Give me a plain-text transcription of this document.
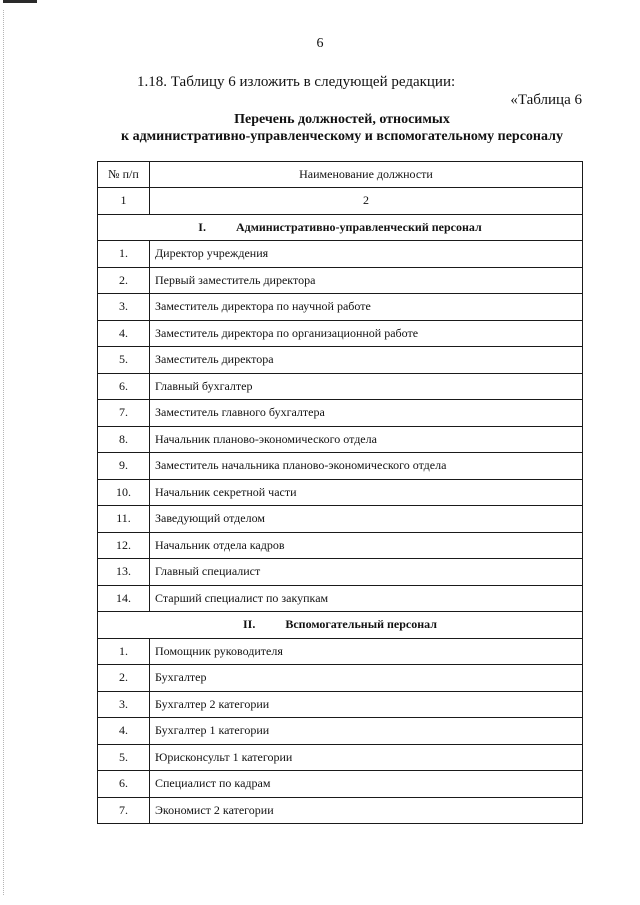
6
1.18. Таблицу 6 изложить в следующей редакции:
«Таблица 6
Перечень должностей, относимых
к административно-управленческому и вспомогательному персоналу
№ п/п	Наименование должности
1	2
I. Административно-управленческий персонал	
1.	Директор учреждения
2.	Первый заместитель директора
3.	Заместитель директора по научной работе
4.	Заместитель директора по организационной работе
5.	Заместитель директора
6.	Главный бухгалтер
7.	Заместитель главного бухгалтера
8.	Начальник планово-экономического отдела
9.	Заместитель начальника планово-экономического отдела
10.	Начальник секретной части
11.	Заведующий отделом
12.	Начальник отдела кадров
13.	Главный специалист
14.	Старший специалист по закупкам
II. Вспомогательный персонал	
1.	Помощник руководителя
2.	Бухгалтер
3.	Бухгалтер 2 категории
4.	Бухгалтер 1 категории
5.	Юрисконсульт 1 категории
6.	Специалист по кадрам
7.	Экономист 2 категории
